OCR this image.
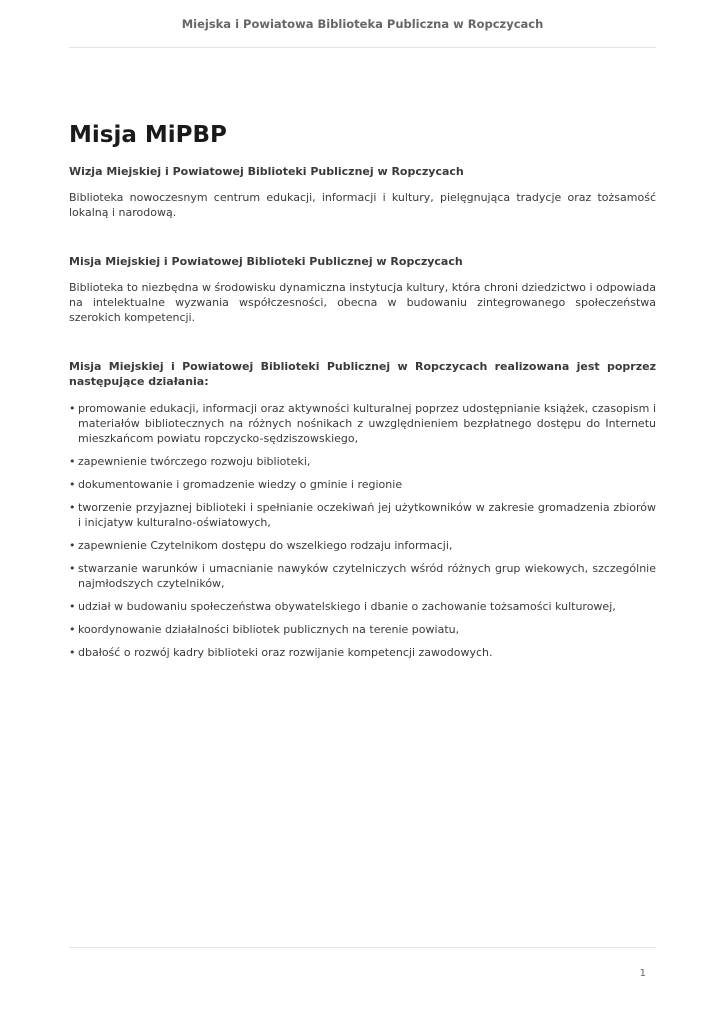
Miejska i Powiatowa Biblioteka Publiczna w Ropczycach
Misja MiPBP

Wizja Miejskiej i Powiatowej Biblioteki Publicznej w Ropczycach

Biblioteka nowoczesnym centrum edukacji, informacji i kultury, pielęgnująca tradycje oraz tożsamość lokalną i narodową.

Misja Miejskiej i Powiatowej Biblioteki Publicznej w Ropczycach

Biblioteka to niezbędna w środowisku dynamiczna instytucja kultury, która chroni dziedzictwo i odpowiada na intelektualne wyzwania współczesności, obecna w budowaniu zintegrowanego społeczeństwa szerokich kompetencji.

Misja Miejskiej i Powiatowej Biblioteki Publicznej w Ropczycach realizowana jest poprzez następujące działania:

• promowanie edukacji, informacji oraz aktywności kulturalnej poprzez udostępnianie książek, czasopism i materiałów bibliotecznych na różnych nośnikach z uwzględnieniem bezpłatnego dostępu do Internetu mieszkańcom powiatu ropczycko-sędziszowskiego,
• zapewnienie twórczego rozwoju biblioteki,
• dokumentowanie i gromadzenie wiedzy o gminie i regionie
• tworzenie przyjaznej biblioteki i spełnianie oczekiwań jej użytkowników w zakresie gromadzenia zbiorów i inicjatyw kulturalno-oświatowych,
• zapewnienie Czytelnikom dostępu do wszelkiego rodzaju informacji,
• stwarzanie warunków i umacnianie nawyków czytelniczych wśród różnych grup wiekowych, szczególnie najmłodszych czytelników,
• udział w budowaniu społeczeństwa obywatelskiego i dbanie o zachowanie tożsamości kulturowej,
• koordynowanie działalności bibliotek publicznych na terenie powiatu,
• dbałość o rozwój kadry biblioteki oraz rozwijanie kompetencji zawodowych.
1
